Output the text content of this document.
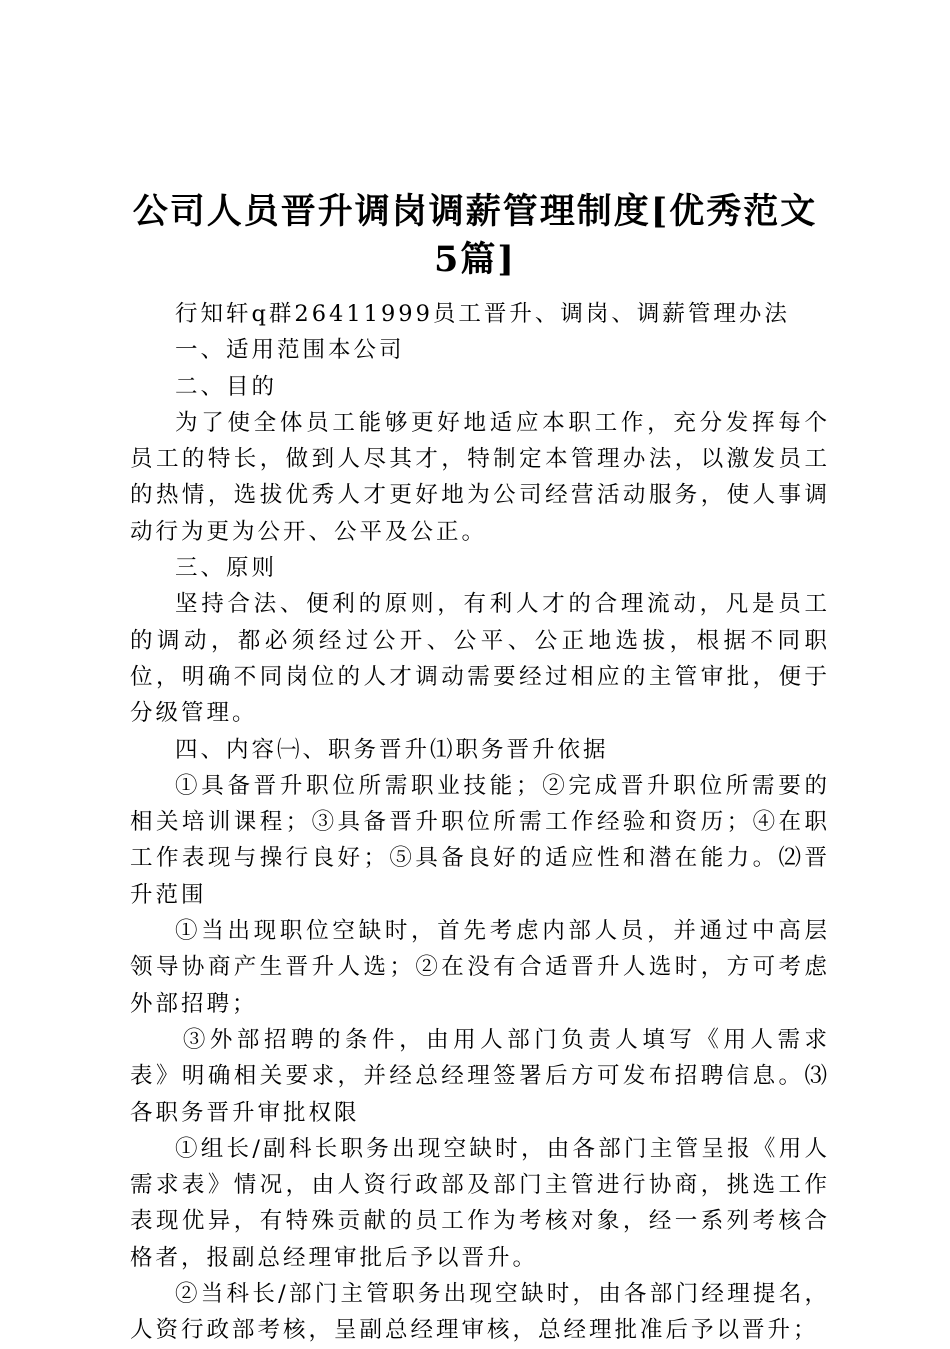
公司人员晋升调岗调薪管理制度[优秀范文5篇]

行知轩q群26411999员工晋升、调岗、调薪管理办法

一、适用范围本公司

二、目的

为了使全体员工能够更好地适应本职工作，充分发挥每个员工的特长，做到人尽其才，特制定本管理办法，以激发员工的热情，选拔优秀人才更好地为公司经营活动服务，使人事调动行为更为公开、公平及公正。

三、原则

坚持合法、便利的原则，有利人才的合理流动，凡是员工的调动，都必须经过公开、公平、公正地选拔，根据不同职位，明确不同岗位的人才调动需要经过相应的主管审批，便于分级管理。

四、内容㈠、职务晋升⑴职务晋升依据

①具备晋升职位所需职业技能；②完成晋升职位所需要的相关培训课程；③具备晋升职位所需工作经验和资历；④在职工作表现与操行良好；⑤具备良好的适应性和潜在能力。⑵晋升范围

①当出现职位空缺时，首先考虑内部人员，并通过中高层领导协商产生晋升人选；②在没有合适晋升人选时，方可考虑外部招聘；

③外部招聘的条件，由用人部门负责人填写《用人需求表》明确相关要求，并经总经理签署后方可发布招聘信息。⑶各职务晋升审批权限

①组长/副科长职务出现空缺时，由各部门主管呈报《用人需求表》情况，由人资行政部及部门主管进行协商，挑选工作表现优异，有特殊贡献的员工作为考核对象，经一系列考核合格者，报副总经理审批后予以晋升。

②当科长/部门主管职务出现空缺时，由各部门经理提名，人资行政部考核，呈副总经理审核，总经理批准后予以晋升；
